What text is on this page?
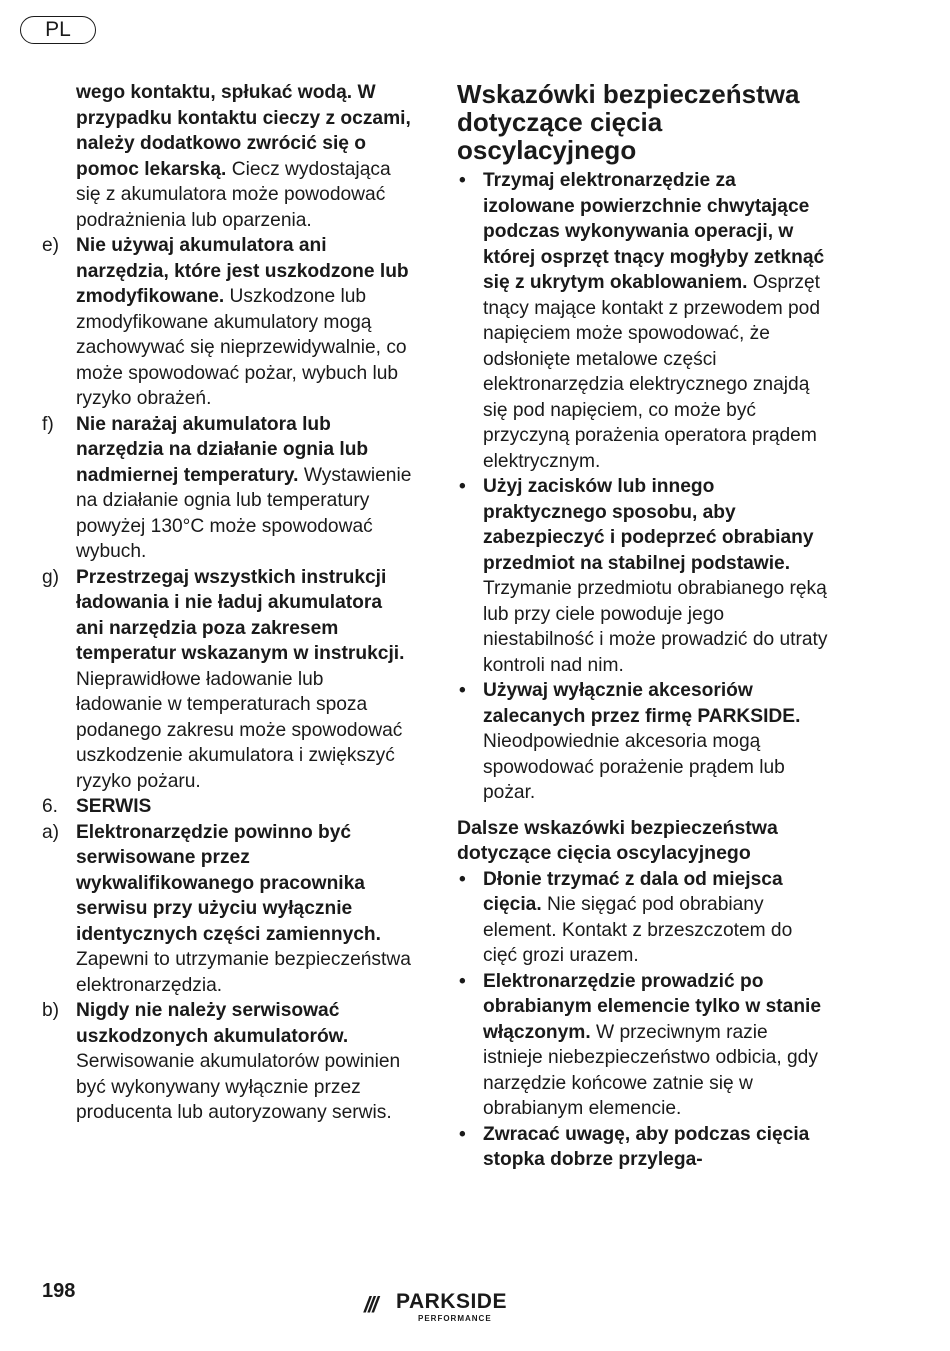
PL
wego kontaktu, spłukać wodą. W przypadku kontaktu cieczy z oczami, należy dodatkowo zwrócić się o pomoc lekarską. Ciecz wydostająca się z akumulatora może powodować podrażnienia lub oparzenia.
e) Nie używaj akumulatora ani narzędzia, które jest uszkodzone lub zmodyfikowane. Uszkodzone lub zmodyfikowane akumulatory mogą zachowywać się nieprzewidywalnie, co może spowodować pożar, wybuch lub ryzyko obrażeń.
f) Nie narażaj akumulatora lub narzędzia na działanie ognia lub nadmiernej temperatury. Wystawienie na działanie ognia lub temperatury powyżej 130°C może spowodować wybuch.
g) Przestrzegaj wszystkich instrukcji ładowania i nie ładuj akumulatora ani narzędzia poza zakresem temperatur wskazanym w instrukcji. Nieprawidłowe ładowanie lub ładowanie w temperaturach spoza podanego zakresu może spowodować uszkodzenie akumulatora i zwiększyć ryzyko pożaru.
6. SERWIS
a) Elektronarzędzie powinno być serwisowane przez wykwalifikowanego pracownika serwisu przy użyciu wyłącznie identycznych części zamiennych. Zapewni to utrzymanie bezpieczeństwa elektronarzędzia.
b) Nigdy nie należy serwisować uszkodzonych akumulatorów. Serwisowanie akumulatorów powinien być wykonywany wyłącznie przez producenta lub autoryzowany serwis.
Wskazówki bezpieczeństwa dotyczące cięcia oscylacyjnego
• Trzymaj elektronarzędzie za izolowane powierzchnie chwytające podczas wykonywania operacji, w której osprzęt tnący mogłyby zetknąć się z ukrytym okablowaniem. Osprzęt tnący mające kontakt z przewodem pod napięciem może spowodować, że odsłonięte metalowe części elektronarzędzia elektrycznego znajdą się pod napięciem, co może być przyczyną porażenia operatora prądem elektrycznym.
• Użyj zacisków lub innego praktycznego sposobu, aby zabezpieczyć i podeprzeć obrabiany przedmiot na stabilnej podstawie. Trzymanie przedmiotu obrabianego ręką lub przy ciele powoduje jego niestabilność i może prowadzić do utraty kontroli nad nim.
• Używaj wyłącznie akcesoriów zalecanych przez firmę PARKSIDE. Nieodpowiednie akcesoria mogą spowodować porażenie prądem lub pożar.
Dalsze wskazówki bezpieczeństwa dotyczące cięcia oscylacyjnego
• Dłonie trzymać z dala od miejsca cięcia. Nie sięgać pod obrabiany element. Kontakt z brzeszczotem do cięć grozi urazem.
• Elektronarzędzie prowadzić po obrabianym elemencie tylko w stanie włączonym. W przeciwnym razie istnieje niebezpieczeństwo odbicia, gdy narzędzie końcowe zatnie się w obrabianym elemencie.
• Zwracać uwagę, aby podczas cięcia stopka dobrze przylega-
198
/// PARKSIDE
PERFORMANCE
